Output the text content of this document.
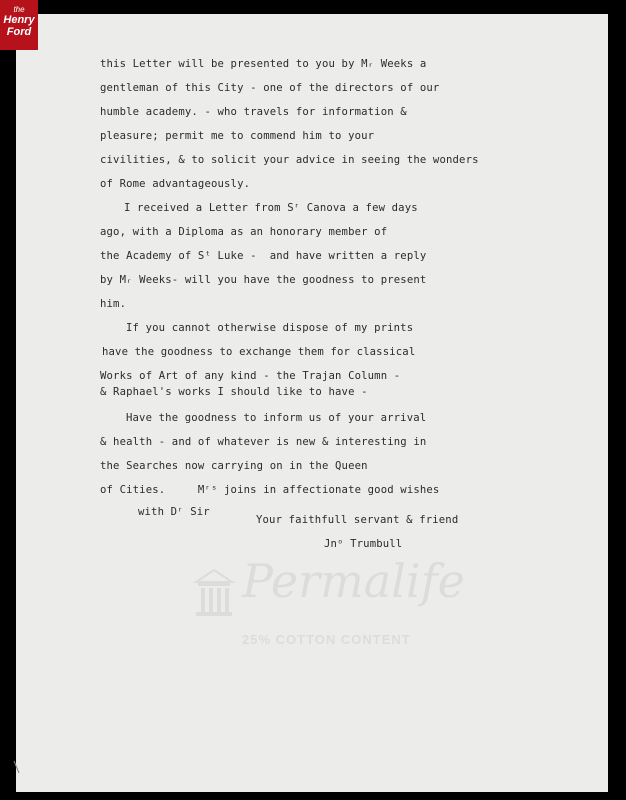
this Letter will be presented to you by Mᵣ Weeks a
gentleman of this City - one of the directors of our
humble academy. - who travels for information &
pleasure; permit me to commend him to your
civilities, & to solicit your advice in seeing the wonders
of Rome advantageously.
I received a Letter from Sʳ Canova a few days
ago, with a Diploma as an honorary member of
the Academy of Sᵗ Luke -  and have written a reply
by Mᵣ Weeks- will you have the goodness to present
him.
If you cannot otherwise dispose of my prints
have the goodness to exchange them for classical
Works of Art of any kind - the Trajan Column -
& Raphael's works I should like to have -
Have the goodness to inform us of your arrival
& health - and of whatever is new & interesting in
the Searches now carrying on in the Queen
of Cities.     Mʳˢ joins in affectionate good wishes
with Dʳ Sir
Your faithfull servant & friend
Jnᵒ Trumbull
Permalife
25% COTTON CONTENT
the
Henry
Ford
